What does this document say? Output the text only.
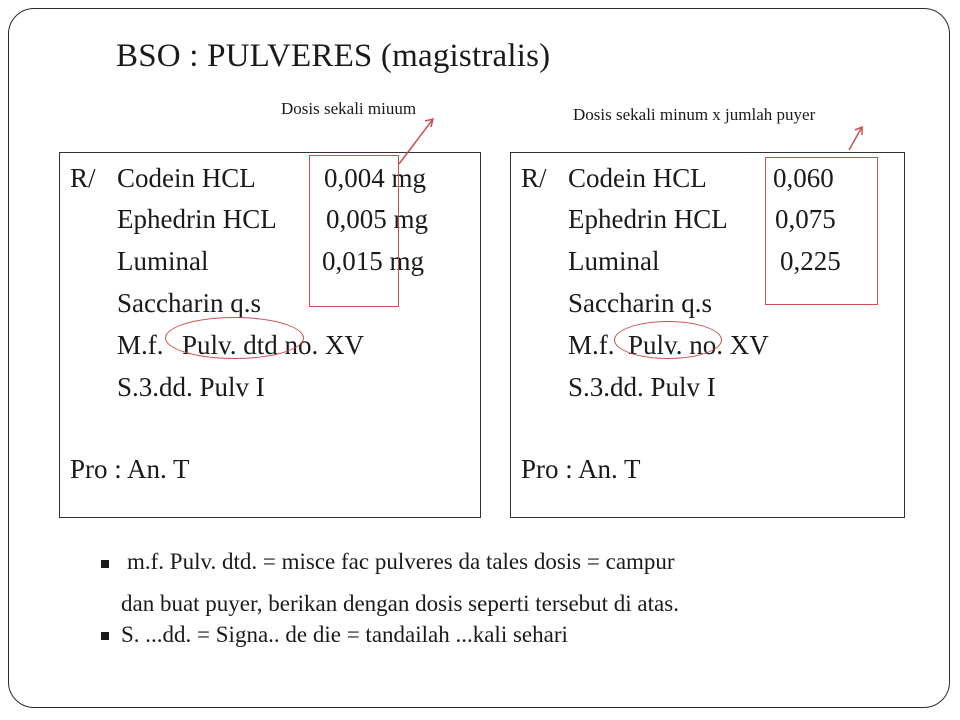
BSO : PULVERES (magistralis)
Dosis sekali miuum	Dosis sekali minum x jumlah puyer
R/ Codein HCL	0,004 mg
Ephedrin HCL 0,005 mg
Luminal	0,015 mg
Saccharin q.s
M.f. Pulv. dtd no. XV
S.3.dd. Pulv I
Pro : An. T
R/ Codein HCL 0,060
Ephedrin HCL 0,075
Luminal	0,225
Saccharin q.s
M.f. Pulv. no. XV
S.3.dd. Pulv I
Pro : An. T
m.f. Pulv. dtd. = misce fac pulveres da tales dosis = campur
dan buat puyer, berikan dengan dosis seperti tersebut di atas.
S. ...dd. = Signa.. de die = tandailah ...kali sehari
